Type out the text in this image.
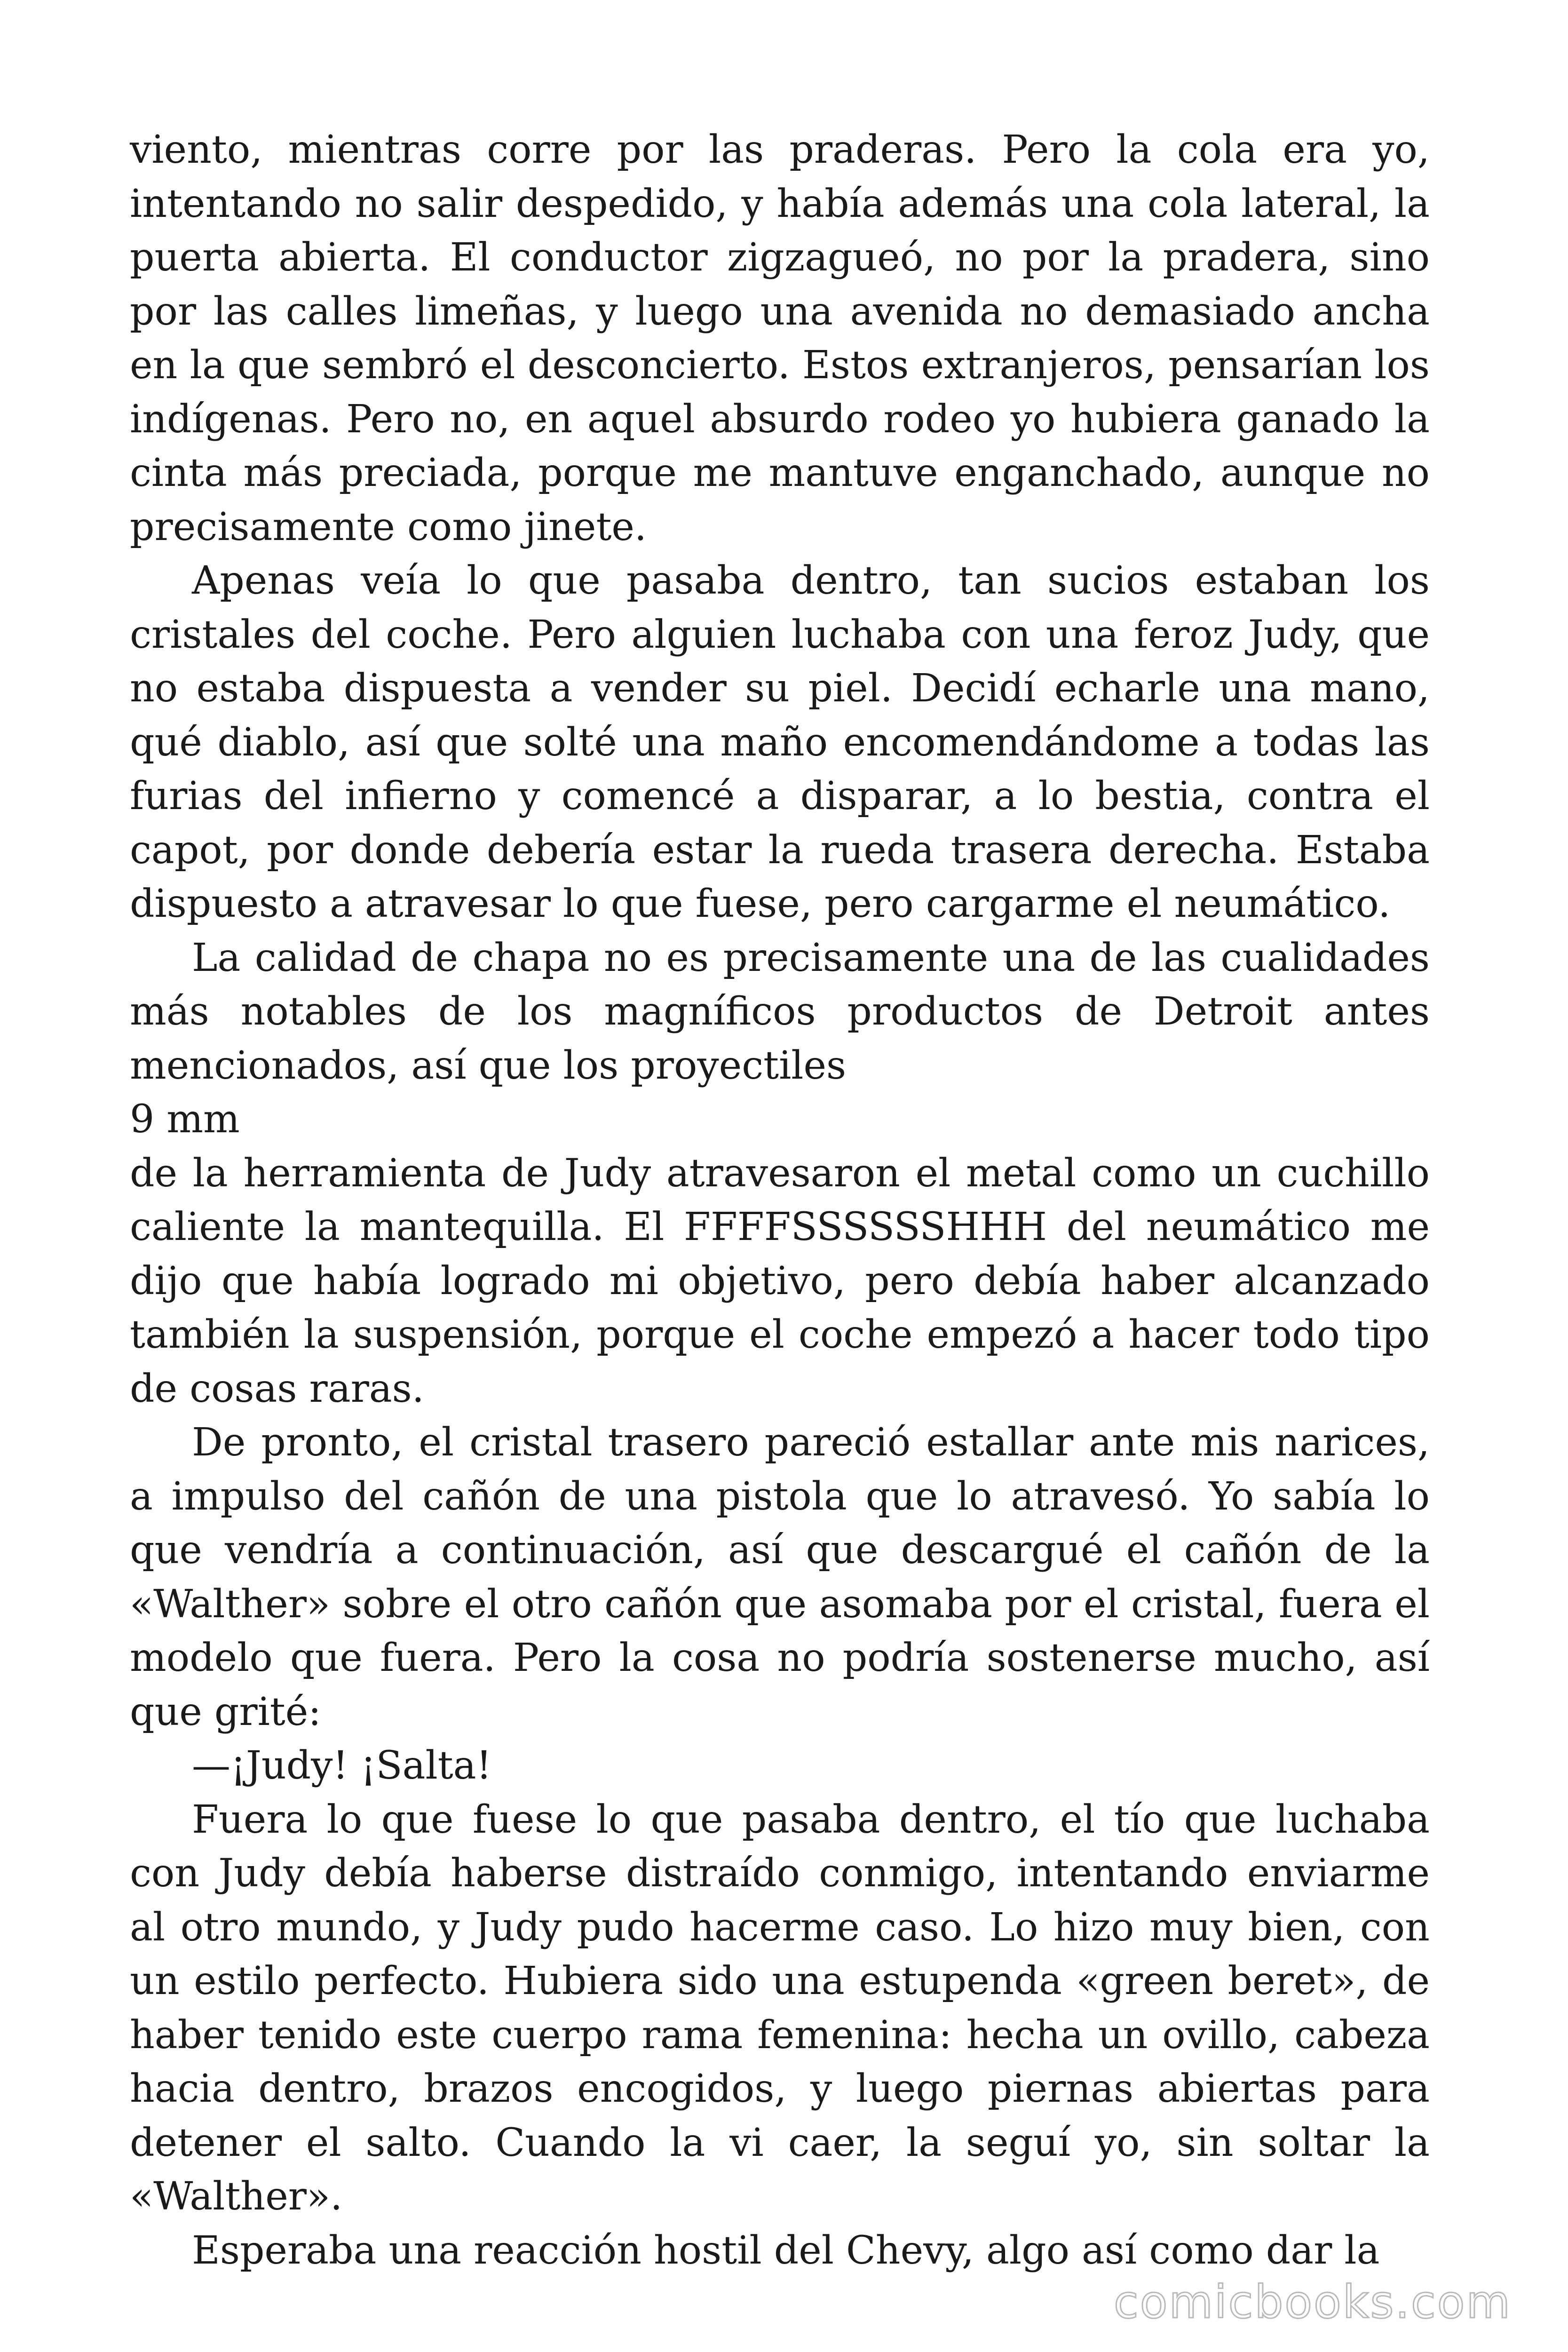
viento, mientras corre por las praderas. Pero la cola era yo, intentando no salir despedido, y había además una cola lateral, la puerta abierta. El conductor zigzagueó, no por la pradera, sino por las calles limeñas, y luego una avenida no demasiado ancha en la que sembró el desconcierto. Estos extranjeros, pensarían los indígenas. Pero no, en aquel absurdo rodeo yo hubiera ganado la cinta más preciada, porque me mantuve enganchado, aunque no precisamente como jinete.

Apenas veía lo que pasaba dentro, tan sucios estaban los cristales del coche. Pero alguien luchaba con una feroz Judy, que no estaba dispuesta a vender su piel. Decidí echarle una mano, qué diablo, así que solté una maño encomendándome a todas las furias del infierno y comencé a disparar, a lo bestia, contra el capot, por donde debería estar la rueda trasera derecha. Estaba dispuesto a atravesar lo que fuese, pero cargarme el neumático.

La calidad de chapa no es precisamente una de las cualidades más notables de los magníficos productos de Detroit antes mencionados, así que los proyectiles

9 mm

de la herramienta de Judy atravesaron el metal como un cuchillo caliente la mantequilla. El FFFFSSSSSSHHH del neumático me dijo que había logrado mi objetivo, pero debía haber alcanzado también la suspensión, porque el coche empezó a hacer todo tipo de cosas raras.

De pronto, el cristal trasero pareció estallar ante mis narices, a impulso del cañón de una pistola que lo atravesó. Yo sabía lo que vendría a continuación, así que descargué el cañón de la «Walther» sobre el otro cañón que asomaba por el cristal, fuera el modelo que fuera. Pero la cosa no podría sostenerse mucho, así que grité:

—¡Judy! ¡Salta!

Fuera lo que fuese lo que pasaba dentro, el tío que luchaba con Judy debía haberse distraído conmigo, intentando enviarme al otro mundo, y Judy pudo hacerme caso. Lo hizo muy bien, con un estilo perfecto. Hubiera sido una estupenda «green beret», de haber tenido este cuerpo rama femenina: hecha un ovillo, cabeza hacia dentro, brazos encogidos, y luego piernas abiertas para detener el salto. Cuando la vi caer, la seguí yo, sin soltar la «Walther».

Esperaba una reacción hostil del Chevy, algo así como dar la

comicbooks.com
